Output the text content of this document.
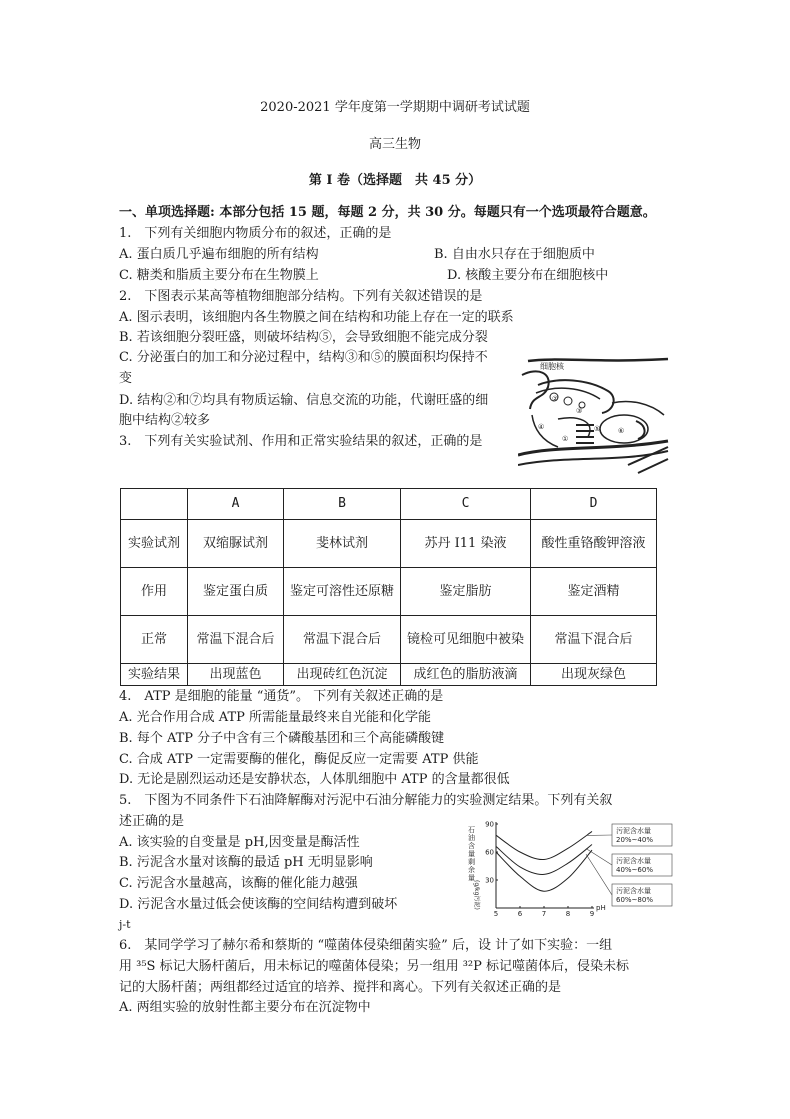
2020-2021 学年度第一学期期中调研考试试题
高三生物
第 I 卷（选择题　共 45 分）
一、单项选择题: 本部分包括 15 题，每题 2 分，共 30 分。每题只有一个选项最符合题意。
1.　下列有关细胞内物质分布的叙述，正确的是
A. 蛋白质几乎遍布细胞的所有结构	B. 自由水只存在于细胞质中
C. 糖类和脂质主要分布在生物膜上	D. 核酸主要分布在细胞核中
2.　下图表示某高等植物细胞部分结构。下列有关叙述错误的是
A. 图示表明，该细胞内各生物膜之间在结构和功能上存在一定的联系
B. 若该细胞分裂旺盛，则破坏结构⑤，会导致细胞不能完成分裂
C. 分泌蛋白的加工和分泌过程中，结构③和⑤的膜面积均保持不
变
D. 结构②和⑦均具有物质运输、信息交流的功能，代谢旺盛的细
胞中结构②较多
细胞核
②
③
⑤	⑥
④
①
3.　下列有关实验试剂、作用和正常实验结果的叙述，正确的是
	A	B	C	D
实验试剂	双缩脲试剂	斐林试剂	苏丹 I11 染液	酸性重铬酸钾溶液
作用	鉴定蛋白质	鉴定可溶性还原糖	鉴定脂肪	鉴定酒精
正常	常温下混合后	常温下混合后	镜检可见细胞中被染	常温下混合后
实验结果	出现蓝色	出现砖红色沉淀	成红色的脂肪液滴	出现灰绿色
4.　ATP 是细胞的能量 “通货”。 下列有关叙述正确的是
A. 光合作用合成 ATP 所需能量最终来自光能和化学能
B. 每个 ATP 分子中含有三个磷酸基团和三个高能磷酸键
C. 合成 ATP 一定需要酶的催化，酶促反应一定需要 ATP 供能
D. 无论是剧烈运动还是安静状态，人体肌细胞中 ATP 的含量都很低
5.　下图为不同条件下石油降解酶对污泥中石油分解能力的实验测定结果。下列有关叙
述正确的是
A. 该实验的自变量是 pH,因变量是酶活性
B. 污泥含水量对该酶的最适 pH 无明显影响
C. 污泥含水量越高，该酶的催化能力越强
D. 污泥含水量过低会使该酶的空间结构遭到破坏
j-t
石
油
含
量
剩
余
量
(g/kg污泥)
5	6	7	8	9
pH
30
60
90
污泥含水量
20%~40%
污泥含水量
40%~60%
污泥含水量
60%~80%
6.　某同学学习了赫尔希和蔡斯的 “噬菌体侵染细菌实验” 后，设 计了如下实验：一组
用 ³⁵S 标记大肠杆菌后，用未标记的噬菌体侵染；另一组用 ³²P 标记噬菌体后，侵染未标
记的大肠杆菌；两组都经过适宜的培养、搅拌和离心。下列有关叙述正确的是
A. 两组实验的放射性都主要分布在沉淀物中
